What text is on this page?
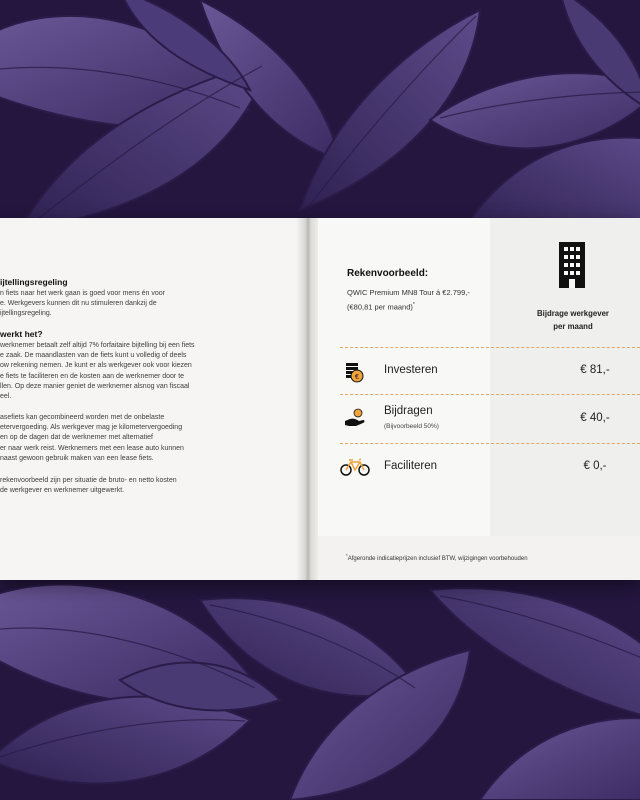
ijtellingsregeling
n fiets naar het werk gaan is goed voor mens én voor
e. Werkgevers kunnen dit nu stimuleren dankzij de
ijtellingsregeling.
werkt het?
werknemer betaalt zelf altijd 7% forfaitaire bijtelling bij een fiets
e zaak. De maandlasten van de fiets kunt u volledig of deels
ow rekening nemen. Je kunt er als werkgever ook voor kiezen
e fiets te faciliteren en de kosten aan de werknemer door te
llen. Op deze manier geniet de werknemer alsnog van fiscaal
eel.
asefiets kan gecombineerd worden met de onbelaste
etervergoeding. Als werkgever mag je kilometervergoeding
en op de dagen dat de werknemer met alternatief
er naar werk reist. Werknemers met een lease auto kunnen
naast gewoon gebruik maken van een lease fiets.
rekenvoorbeeld zijn per situatie de bruto- en netto kosten
de werkgever en werknemer uitgewerkt.
Rekenvoorbeeld:
QWIC Premium MN8 Tour á €2.799,-
(€80,81 per maand)*
Bijdrage werkgever
per maand
€
Investeren	€ 81,-
Bijdragen
(Bijvoorbeeld 50%)
€ 40,-
Faciliteren	€ 0,-
*Afgeronde indicatieprijzen inclusief BTW, wijzigingen voorbehouden
